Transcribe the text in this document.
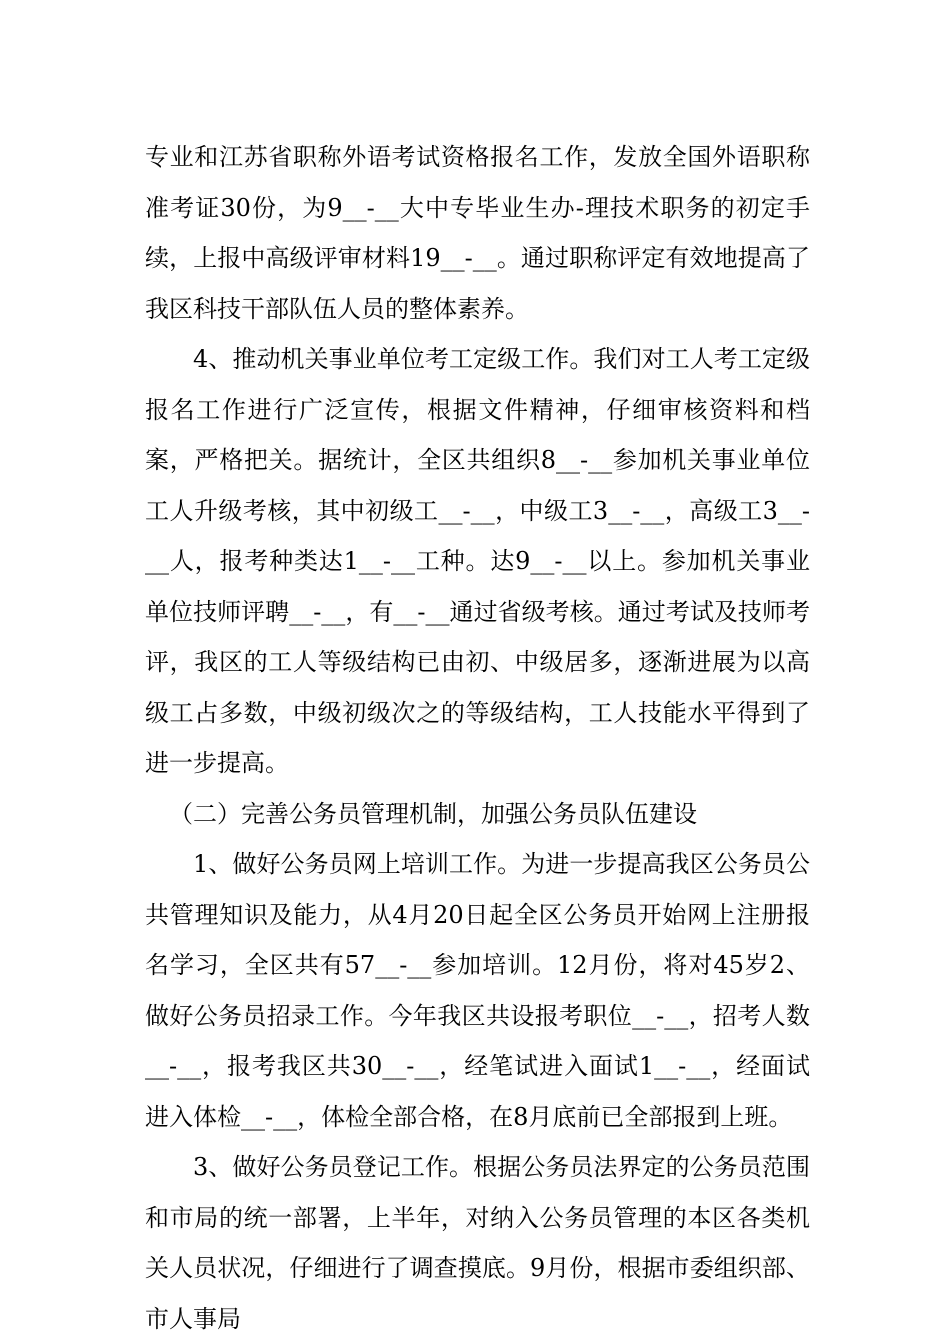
专业和江苏省职称外语考试资格报名工作，发放全国外语职称准考证30份，为9__-__大中专毕业生办-理技术职务的初定手续，上报中高级评审材料19__-__。通过职称评定有效地提高了我区科技干部队伍人员的整体素养。

4、推动机关事业单位考工定级工作。我们对工人考工定级报名工作进行广泛宣传，根据文件精神，仔细审核资料和档案，严格把关。据统计，全区共组织8__-__参加机关事业单位工人升级考核，其中初级工__-__，中级工3__-__，高级工3__-__人，报考种类达1__-__工种。达9__-__以上。参加机关事业单位技师评聘__-__，有__-__通过省级考核。通过考试及技师考评，我区的工人等级结构已由初、中级居多，逐渐进展为以高级工占多数，中级初级次之的等级结构，工人技能水平得到了进一步提高。

（二）完善公务员管理机制，加强公务员队伍建设

1、做好公务员网上培训工作。为进一步提高我区公务员公共管理知识及能力，从4月20日起全区公务员开始网上注册报名学习，全区共有57__-__参加培训。12月份，将对45岁2、做好公务员招录工作。今年我区共设报考职位__-__，招考人数__-__，报考我区共30__-__，经笔试进入面试1__-__，经面试进入体检__-__，体检全部合格，在8月底前已全部报到上班。

3、做好公务员登记工作。根据公务员法界定的公务员范围和市局的统一部署，上半年，对纳入公务员管理的本区各类机关人员状况，仔细进行了调查摸底。9月份，根据市委组织部、市人事局
